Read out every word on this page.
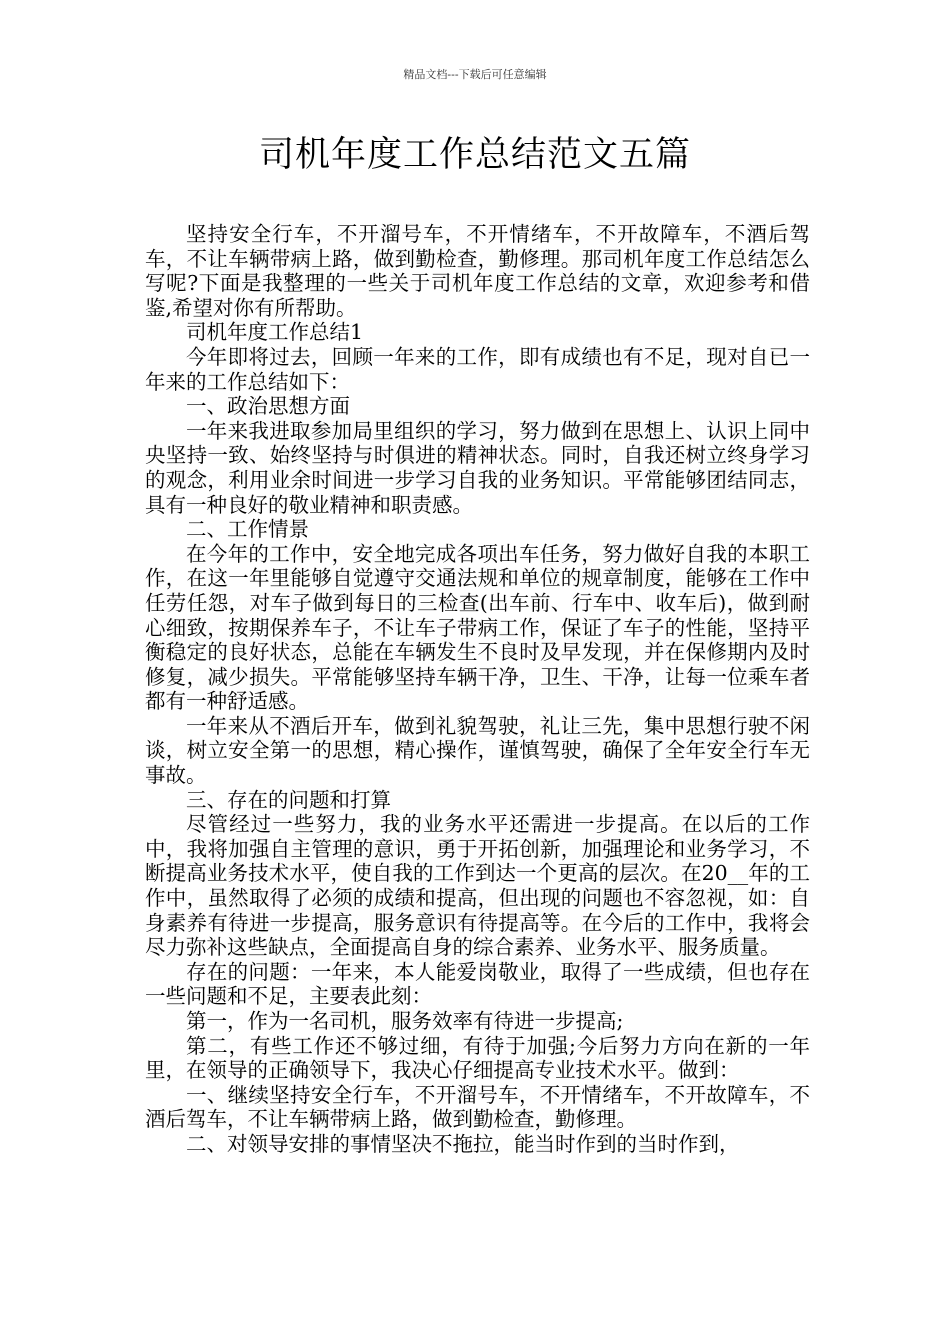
精品文档---下载后可任意编辑
司机年度工作总结范文五篇

坚持安全行车，不开溜号车，不开情绪车，不开故障车，不酒后驾车，不让车辆带病上路，做到勤检查，勤修理。那司机年度工作总结怎么写呢?下面是我整理的一些关于司机年度工作总结的文章，欢迎参考和借鉴,希望对你有所帮助。

司机年度工作总结1

今年即将过去，回顾一年来的工作，即有成绩也有不足，现对自已一年来的工作总结如下：

一、政治思想方面

一年来我进取参加局里组织的学习，努力做到在思想上、认识上同中央坚持一致、始终坚持与时俱进的精神状态。同时，自我还树立终身学习的观念，利用业余时间进一步学习自我的业务知识。平常能够团结同志，具有一种良好的敬业精神和职责感。

二、工作情景

在今年的工作中，安全地完成各项出车任务，努力做好自我的本职工作，在这一年里能够自觉遵守交通法规和单位的规章制度，能够在工作中任劳任怨，对车子做到每日的三检查(出车前、行车中、收车后)，做到耐心细致，按期保养车子，不让车子带病工作，保证了车子的性能，坚持平衡稳定的良好状态，总能在车辆发生不良时及早发现，并在保修期内及时修复，减少损失。平常能够坚持车辆干净，卫生、干净，让每一位乘车者都有一种舒适感。

一年来从不酒后开车，做到礼貌驾驶，礼让三先，集中思想行驶不闲谈，树立安全第一的思想，精心操作，谨慎驾驶，确保了全年安全行车无事故。

三、存在的问题和打算

尽管经过一些努力，我的业务水平还需进一步提高。在以后的工作中，我将加强自主管理的意识，勇于开拓创新，加强理论和业务学习，不断提高业务技术水平，使自我的工作到达一个更高的层次。在20__年的工作中，虽然取得了必须的成绩和提高，但出现的问题也不容忽视，如：自身素养有待进一步提高，服务意识有待提高等。在今后的工作中，我将会尽力弥补这些缺点，全面提高自身的综合素养、业务水平、服务质量。

存在的问题：一年来，本人能爱岗敬业，取得了一些成绩，但也存在一些问题和不足，主要表此刻：

第一，作为一名司机，服务效率有待进一步提高;

第二，有些工作还不够过细，有待于加强;今后努力方向在新的一年里，在领导的正确领导下，我决心仔细提高专业技术水平。做到：

一、继续坚持安全行车，不开溜号车，不开情绪车，不开故障车，不酒后驾车，不让车辆带病上路，做到勤检查，勤修理。

二、对领导安排的事情坚决不拖拉，能当时作到的当时作到，
